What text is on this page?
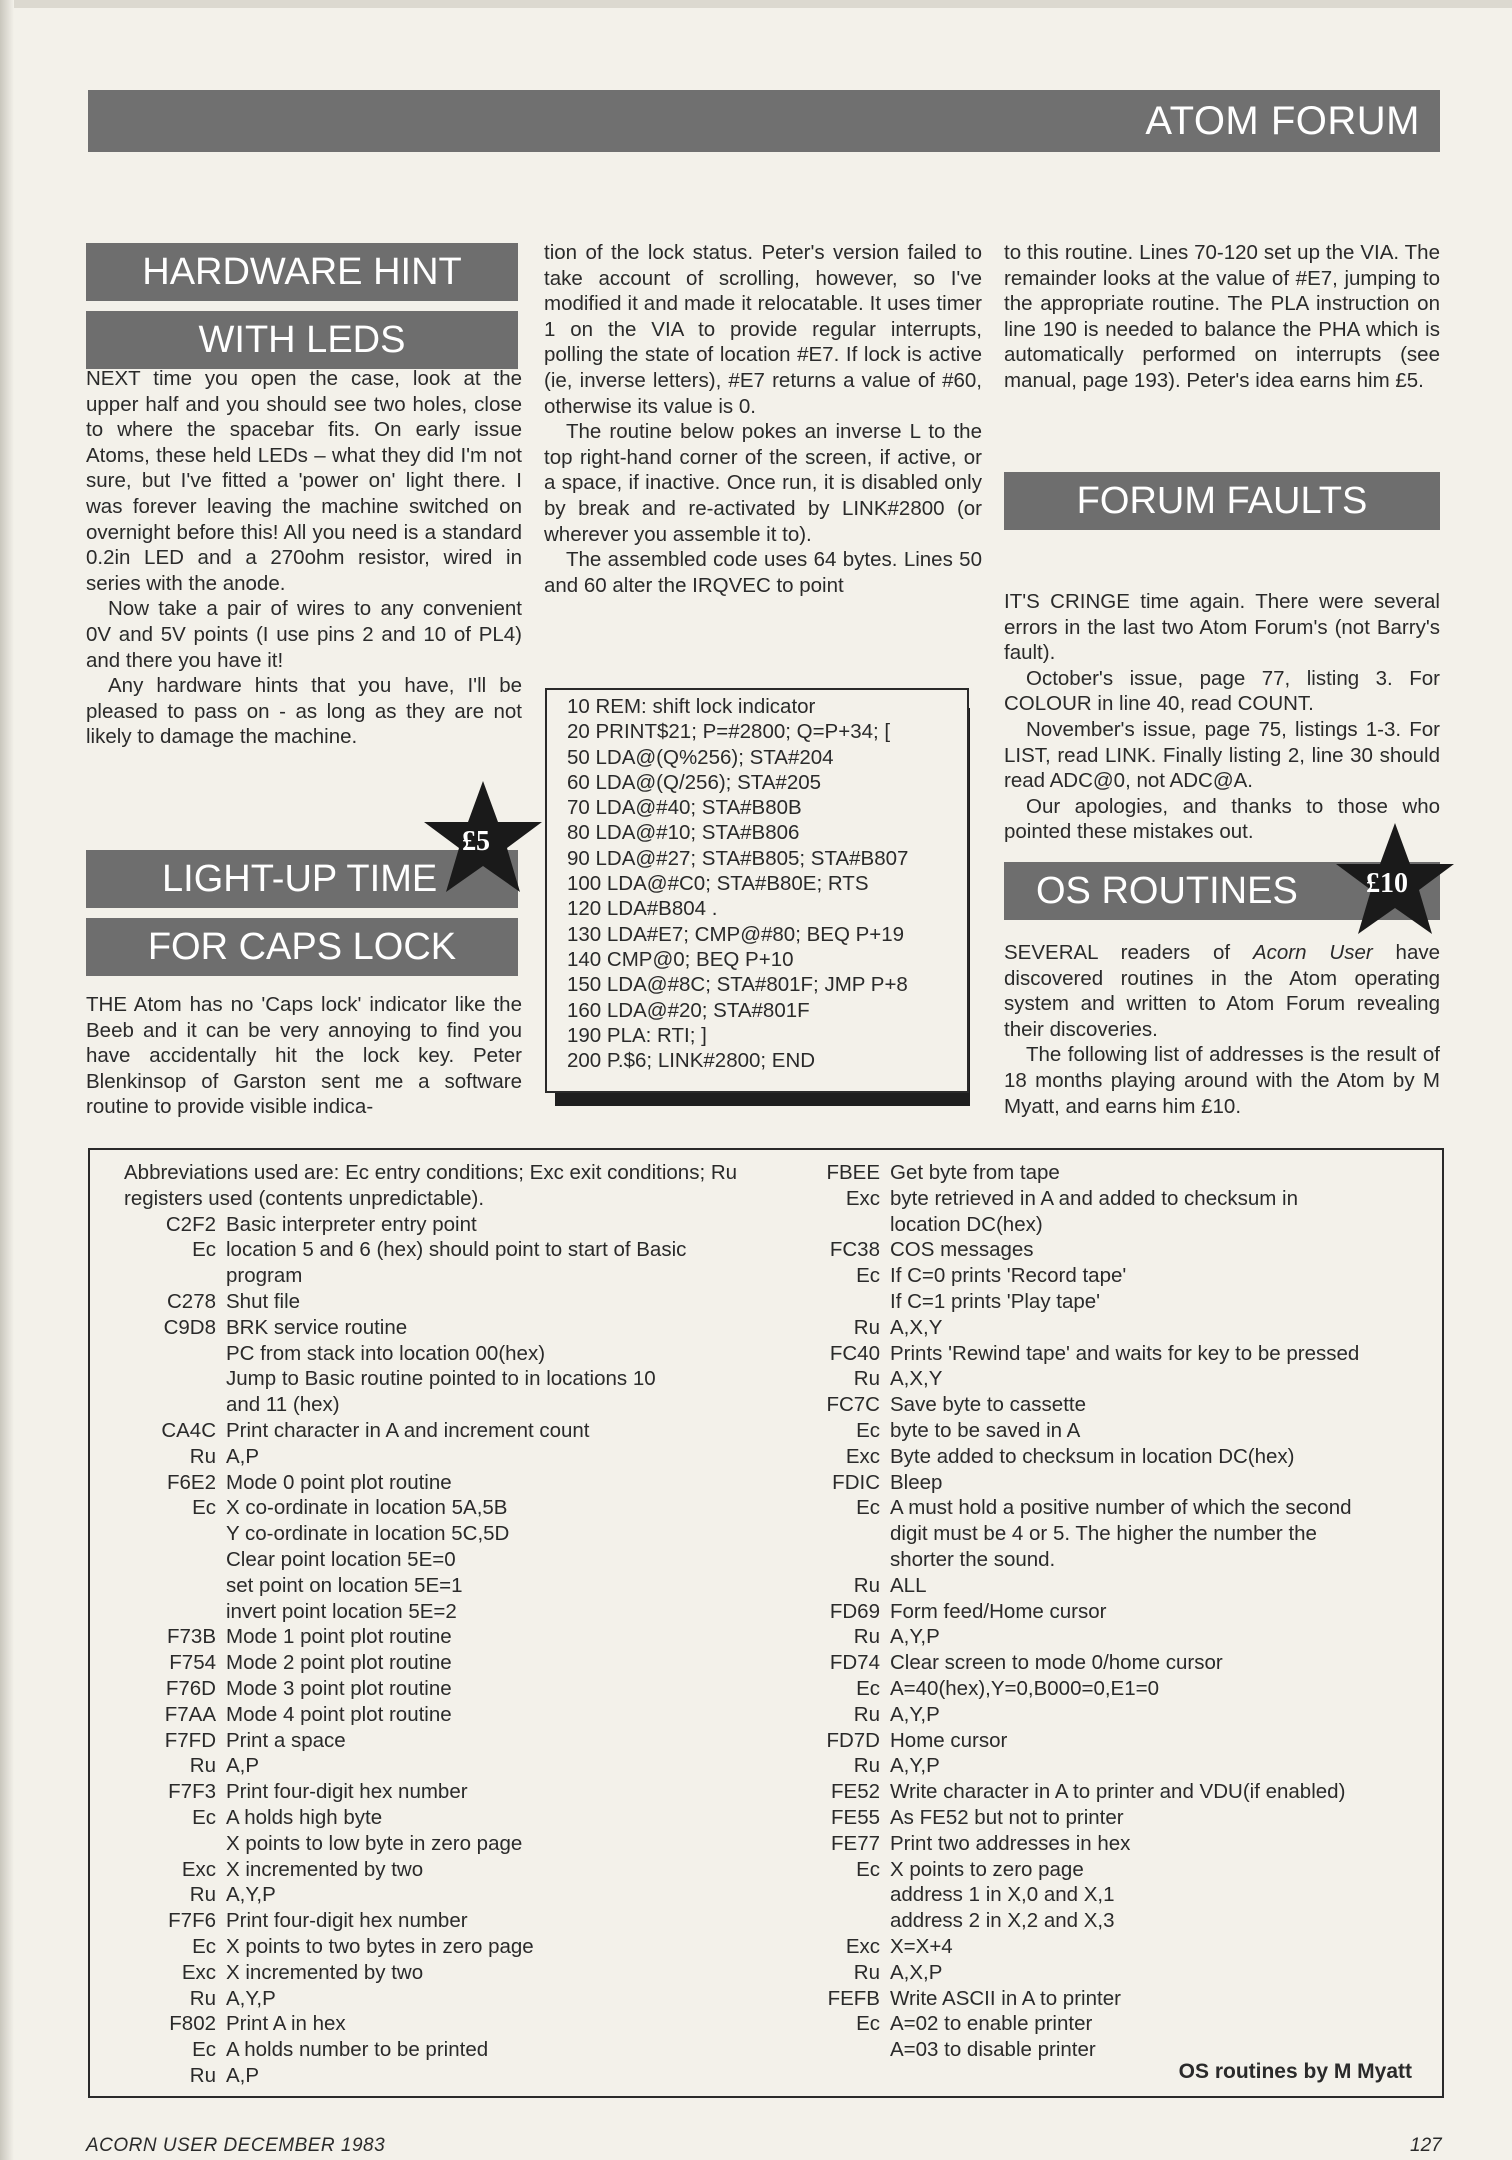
ATOM FORUM
HARDWARE HINT
WITH LEDS

NEXT time you open the case, look at the upper half and you should see two holes, close to where the spacebar fits. On early issue Atoms, these held LEDs – what they did I'm not sure, but I've fitted a 'power on' light there. I was forever leaving the machine switched on overnight before this! All you need is a standard 0.2in LED and a 270ohm resistor, wired in series with the anode.

Now take a pair of wires to any convenient 0V and 5V points (I use pins 2 and 10 of PL4) and there you have it!

Any hardware hints that you have, I'll be pleased to pass on - as long as they are not likely to damage the machine.

LIGHT-UP TIME
FOR CAPS LOCK
£5

THE Atom has no 'Caps lock' indicator like the Beeb and it can be very annoying to find you have accidentally hit the lock key. Peter Blenkinsop of Garston sent me a software routine to provide visible indica-

tion of the lock status. Peter's version failed to take account of scrolling, however, so I've modified it and made it relocatable. It uses timer 1 on the VIA to provide regular interrupts, polling the state of location #E7. If lock is active (ie, inverse letters), #E7 returns a value of #60, otherwise its value is 0.

The routine below pokes an inverse L to the top right-hand corner of the screen, if active, or a space, if inactive. Once run, it is disabled only by break and re-activated by LINK#2800 (or wherever you assemble it to).

The assembled code uses 64 bytes. Lines 50 and 60 alter the IRQVEC to point

10 REM: shift lock indicator
20 PRINT$21; P=#2800; Q=P+34; [
50 LDA@(Q%256); STA#204
60 LDA@(Q/256); STA#205
70 LDA@#40; STA#B80B
80 LDA@#10; STA#B806
90 LDA@#27; STA#B805; STA#B807
100 LDA@#C0; STA#B80E; RTS
120 LDA#B804 .
130 LDA#E7; CMP@#80; BEQ P+19
140 CMP@0; BEQ P+10
150 LDA@#8C; STA#801F; JMP P+8
160 LDA@#20; STA#801F
190 PLA: RTI; ]
200 P.$6; LINK#2800; END

to this routine. Lines 70-120 set up the VIA. The remainder looks at the value of #E7, jumping to the appropriate routine. The PLA instruction on line 190 is needed to balance the PHA which is automatically performed on interrupts (see manual, page 193). Peter's idea earns him £5.

FORUM FAULTS

IT'S CRINGE time again. There were several errors in the last two Atom Forum's (not Barry's fault).

October's issue, page 77, listing 3. For COLOUR in line 40, read COUNT.

November's issue, page 75, listings 1-3. For LIST, read LINK. Finally listing 2, line 30 should read ADC@0, not ADC@A.

Our apologies, and thanks to those who pointed these mistakes out.

OS ROUTINES	£10

SEVERAL readers of Acorn User have discovered routines in the Atom operating system and written to Atom Forum revealing their discoveries.

The following list of addresses is the result of 18 months playing around with the Atom by M Myatt, and earns him £10.

Abbreviations used are: Ec entry conditions; Exc exit conditions; Ru registers used (contents unpredictable).
C2F2 Basic interpreter entry point
Ec location 5 and 6 (hex) should point to start of Basic
program
C278 Shut file
C9D8 BRK service routine
PC from stack into location 00(hex)
Jump to Basic routine pointed to in locations 10
and 11 (hex)
CA4C Print character in A and increment count
Ru A,P
F6E2 Mode 0 point plot routine
Ec X co-ordinate in location 5A,5B
Y co-ordinate in location 5C,5D
Clear point location 5E=0
set point on location 5E=1
invert point location 5E=2
F73B Mode 1 point plot routine
F754 Mode 2 point plot routine
F76D Mode 3 point plot routine
F7AA Mode 4 point plot routine
F7FD Print a space
Ru A,P
F7F3 Print four-digit hex number
Ec A holds high byte
X points to low byte in zero page
Exc X incremented by two
Ru A,Y,P
F7F6 Print four-digit hex number
Ec X points to two bytes in zero page
Exc X incremented by two
Ru A,Y,P
F802 Print A in hex
Ec A holds number to be printed
Ru A,P
FBEE Get byte from tape
Exc byte retrieved in A and added to checksum in
location DC(hex)
FC38 COS messages
Ec If C=0 prints 'Record tape'
If C=1 prints 'Play tape'
Ru A,X,Y
FC40 Prints 'Rewind tape' and waits for key to be pressed
Ru A,X,Y
FC7C Save byte to cassette
Ec byte to be saved in A
Exc Byte added to checksum in location DC(hex)
FDIC Bleep
Ec A must hold a positive number of which the second
digit must be 4 or 5. The higher the number the
shorter the sound.
Ru ALL
FD69 Form feed/Home cursor
Ru A,Y,P
FD74 Clear screen to mode 0/home cursor
Ec A=40(hex),Y=0,B000=0,E1=0
Ru A,Y,P
FD7D Home cursor
Ru A,Y,P
FE52 Write character in A to printer and VDU(if enabled)
FE55 As FE52 but not to printer
FE77 Print two addresses in hex
Ec X points to zero page
address 1 in X,0 and X,1
address 2 in X,2 and X,3
Exc X=X+4
Ru A,X,P
FEFB Write ASCII in A to printer
Ec A=02 to enable printer
A=03 to disable printer
OS routines by M Myatt
ACORN USER DECEMBER 1983	127
